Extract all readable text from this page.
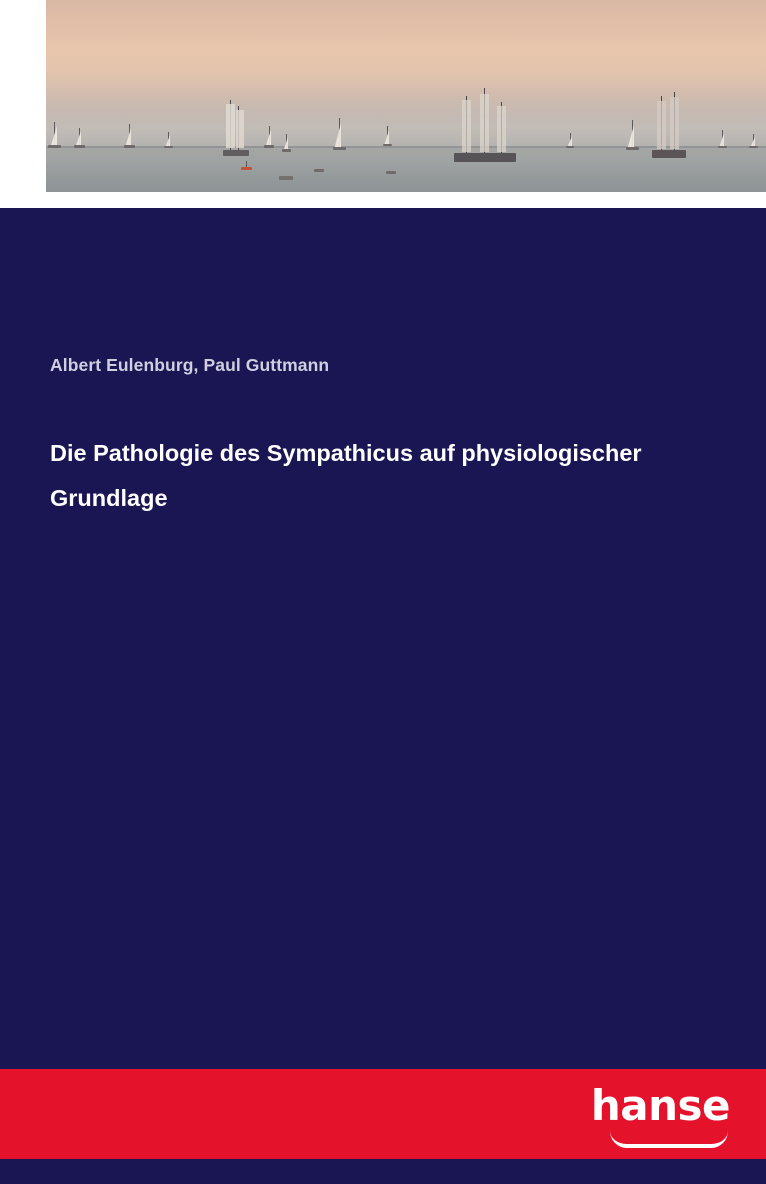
Albert Eulenburg, Paul Guttmann
Die Pathologie des Sympathicus auf physiologischer Grundlage
hanse
